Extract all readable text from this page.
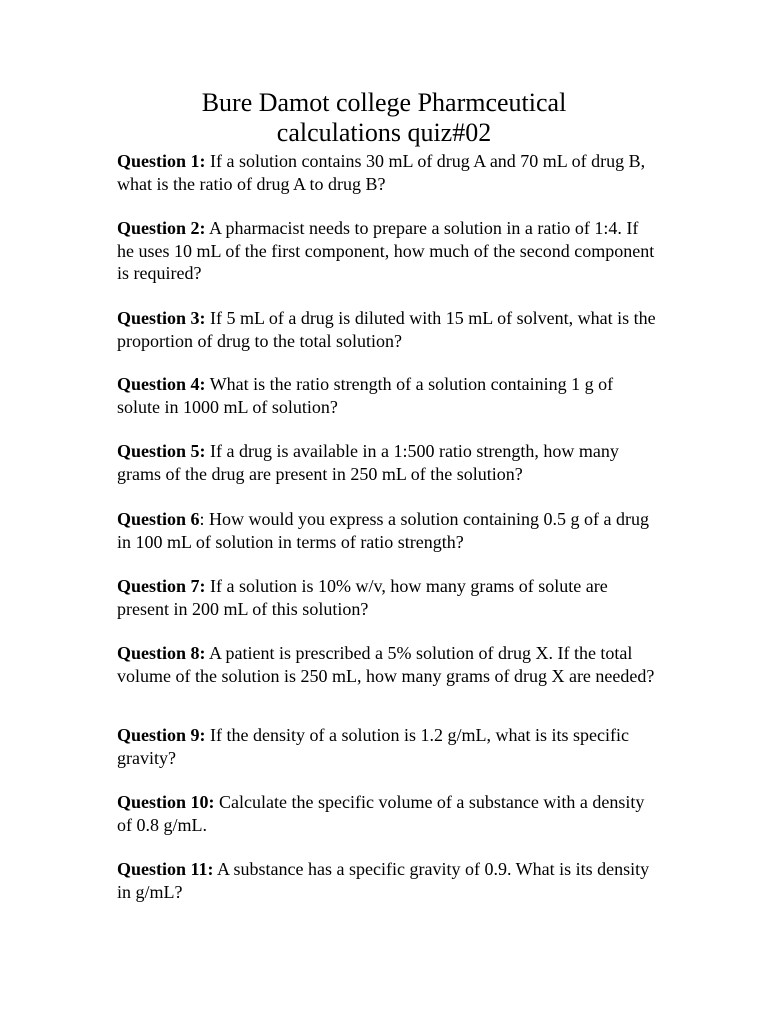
Bure Damot college Pharmceutical
calculations quiz#02
Question 1: If a solution contains 30 mL of drug A and 70 mL of drug B, what is the ratio of drug A to drug B?
Question 2: A pharmacist needs to prepare a solution in a ratio of 1:4. If he uses 10 mL of the first component, how much of the second component is required?
Question 3: If 5 mL of a drug is diluted with 15 mL of solvent, what is the proportion of drug to the total solution?
Question 4: What is the ratio strength of a solution containing 1 g of solute in 1000 mL of solution?
Question 5: If a drug is available in a 1:500 ratio strength, how many grams of the drug are present in 250 mL of the solution?
Question 6: How would you express a solution containing 0.5 g of a drug in 100 mL of solution in terms of ratio strength?
Question 7: If a solution is 10% w/v, how many grams of solute are present in 200 mL of this solution?
Question 8: A patient is prescribed a 5% solution of drug X. If the total volume of the solution is 250 mL, how many grams of drug X are needed?
Question 9: If the density of a solution is 1.2 g/mL, what is its specific gravity?
Question 10: Calculate the specific volume of a substance with a density of 0.8 g/mL.
Question 11: A substance has a specific gravity of 0.9. What is its density in g/mL?
